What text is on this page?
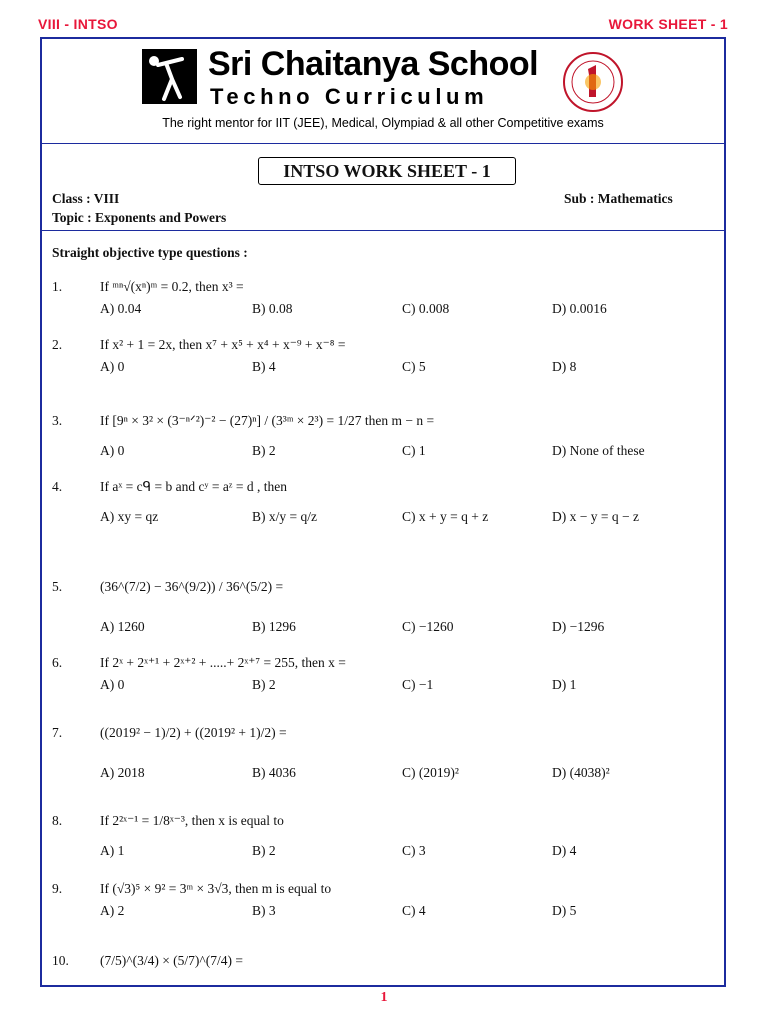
VIII - INTSO	WORK SHEET - 1
Sri Chaitanya School
Techno Curriculum
The right mentor for IIT (JEE), Medical, Olympiad & all other Competitive exams
INTSO WORK SHEET - 1
Class : VIII
Topic : Exponents and Powers
Sub : Mathematics
Straight objective type questions :
1.	If ᵐⁿ√(xⁿ)ᵐ = 0.2, then x³ =
A) 0.04	B) 0.08	C) 0.008	D) 0.0016
2.	If x² + 1 = 2x, then x⁷ + x⁵ + x⁴ + x⁻⁹ + x⁻⁸ =
A) 0	B) 4	C) 5	D) 8
3.	If [9ⁿ × 3² × (3⁻ⁿᐟ²)⁻² − (27)ⁿ] / (3³ᵐ × 2³) = 1/27 then m − n =
A) 0	B) 2	C) 1	D) None of these
4.	If aˣ = cᑫ = b and cʸ = aᶻ = d , then
A) xy = qz	B) x/y = q/z	C) x + y = q + z	D) x − y = q − z
5.	(36^(7/2) − 36^(9/2)) / 36^(5/2) =
A) 1260	B) 1296	C) −1260	D) −1296
6.	If 2ˣ + 2ˣ⁺¹ + 2ˣ⁺² + .....+ 2ˣ⁺⁷ = 255, then x =
A) 0	B) 2	C) −1	D) 1
7.	((2019² − 1)/2) + ((2019² + 1)/2) =
A) 2018	B) 4036	C) (2019)²	D) (4038)²
8.	If 2²ˣ⁻¹ = 1/8ˣ⁻³, then x is equal to
A) 1	B) 2	C) 3	D) 4
9.	If (√3)⁵ × 9² = 3ᵐ × 3√3, then m is equal to
A) 2	B) 3	C) 4	D) 5
10. (7/5)^(3/4) × (5/7)^(7/4) =
1
